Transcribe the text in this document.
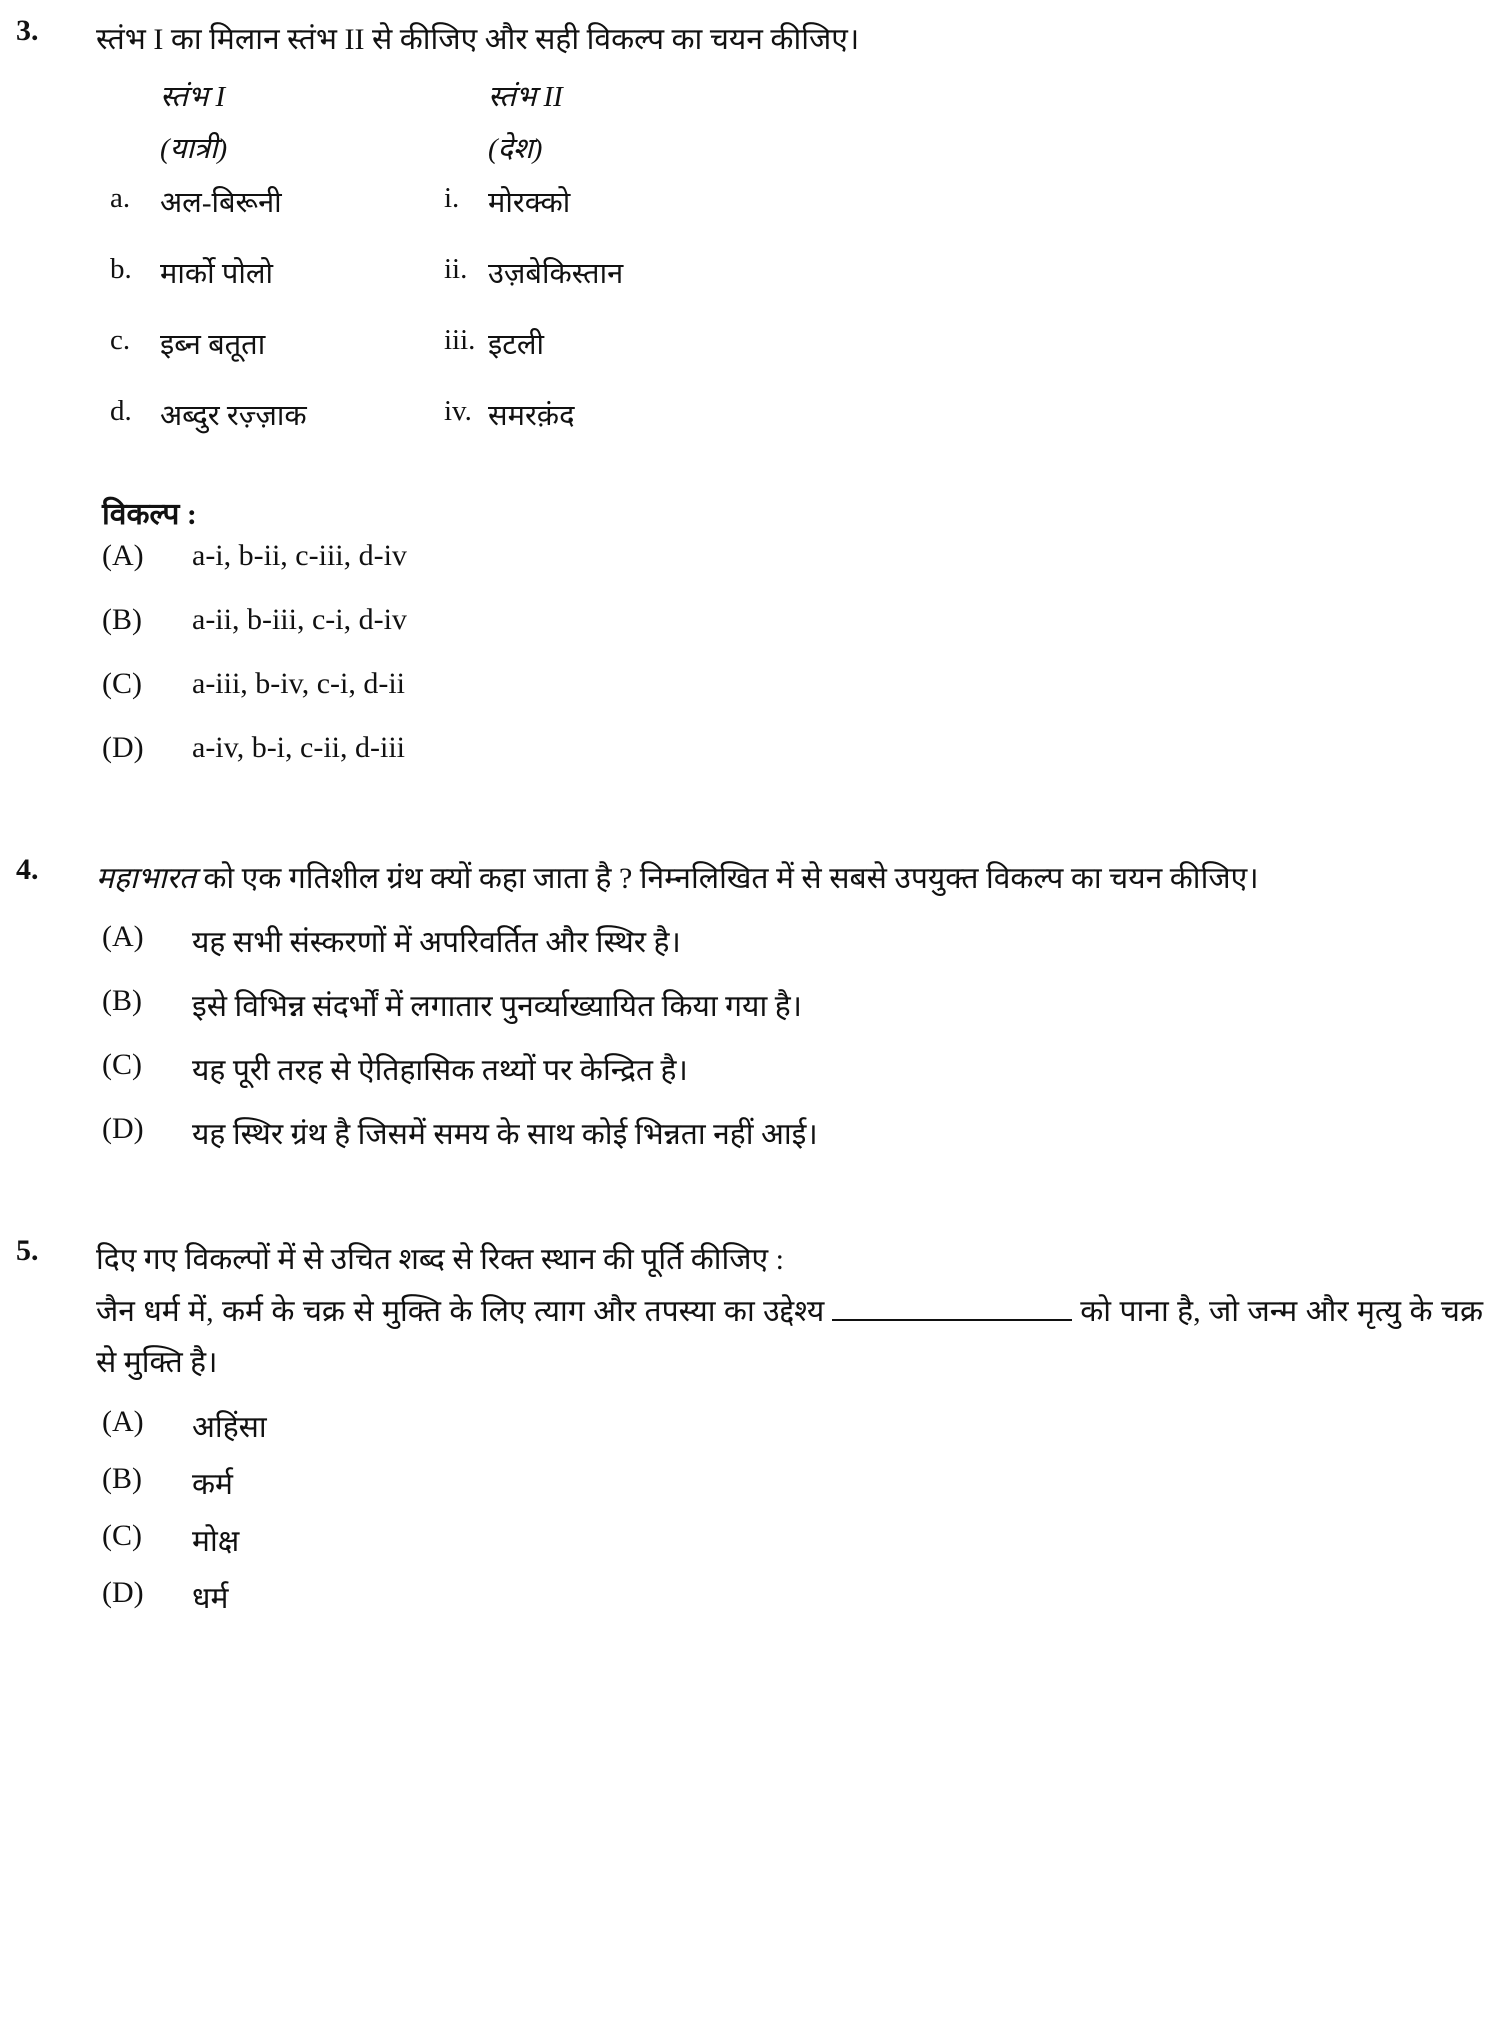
3.	स्तंभ I का मिलान स्तंभ II से कीजिए और सही विकल्प का चयन कीजिए।
स्तंभ I	स्तंभ II
(यात्री)	(देश)
a. अल-बिरूनी	i. मोरक्को
b. मार्को पोलो	ii. उज़बेकिस्तान
c. इब्न बतूता	iii. इटली
d. अब्दुर रज़्ज़ाक	iv. समरक़ंद
विकल्प :
(A)	a-i, b-ii, c-iii, d-iv
(B)	a-ii, b-iii, c-i, d-iv
(C)	a-iii, b-iv, c-i, d-ii
(D)	a-iv, b-i, c-ii, d-iii
4.	महाभारत को एक गतिशील ग्रंथ क्यों कहा जाता है ? निम्नलिखित में से सबसे उपयुक्त विकल्प का चयन कीजिए।
(A)	यह सभी संस्करणों में अपरिवर्तित और स्थिर है।
(B)	इसे विभिन्न संदर्भों में लगातार पुनर्व्याख्यायित किया गया है।
(C)	यह पूरी तरह से ऐतिहासिक तथ्यों पर केन्द्रित है।
(D)	यह स्थिर ग्रंथ है जिसमें समय के साथ कोई भिन्नता नहीं आई।
5.	दिए गए विकल्पों में से उचित शब्द से रिक्त स्थान की पूर्ति कीजिए :
जैन धर्म में, कर्म के चक्र से मुक्ति के लिए त्याग और तपस्या का उद्देश्य	को पाना है, जो जन्म और मृत्यु के चक्र से मुक्ति है।
(A)	अहिंसा
(B)	कर्म
(C)	मोक्ष
(D)	धर्म
